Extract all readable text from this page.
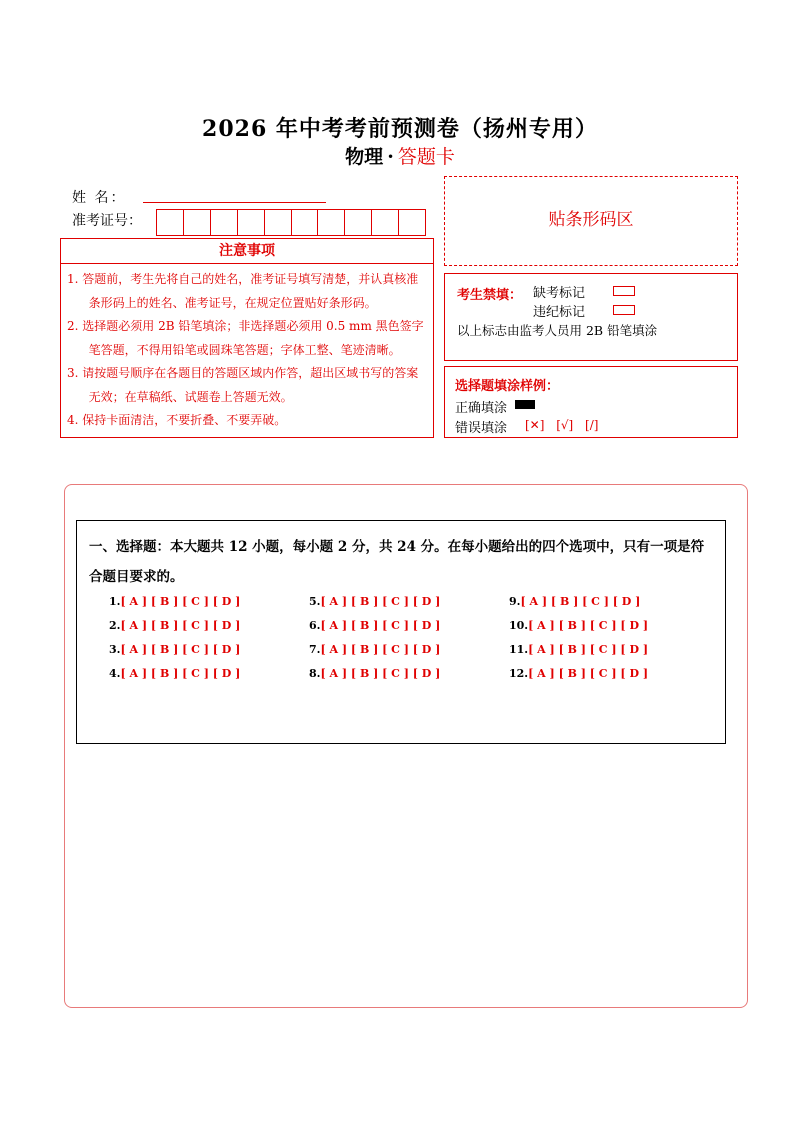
2026 年中考考前预测卷（扬州专用）
物理 · 答题卡
姓 名：
准考证号：
注意事项
1. 答题前，考生先将自己的姓名，准考证号填写清楚，并认真核准条形码上的姓名、准考证号，在规定位置贴好条形码。
2. 选择题必须用 2B 铅笔填涂；非选择题必须用 0.5 mm 黑色签字笔答题，不得用铅笔或圆珠笔答题；字体工整、笔迹清晰。
3. 请按题号顺序在各题目的答题区域内作答，超出区域书写的答案无效；在草稿纸、试题卷上答题无效。
4. 保持卡面清洁，不要折叠、不要弄破。
贴条形码区
考生禁填： 缺考标记
违纪标记
以上标志由监考人员用 2B 铅笔填涂
选择题填涂样例：
正确填涂
错误填涂 [✕] [√] [/]
一、选择题：本大题共 12 小题，每小题 2 分，共 24 分。在每小题给出的四个选项中，只有一项是符合题目要求的。
1.[ A ] [ B ] [ C ] [ D ]
2.[ A ] [ B ] [ C ] [ D ]
3.[ A ] [ B ] [ C ] [ D ]
4.[ A ] [ B ] [ C ] [ D ]
5.[ A ] [ B ] [ C ] [ D ]
6.[ A ] [ B ] [ C ] [ D ]
7.[ A ] [ B ] [ C ] [ D ]
8.[ A ] [ B ] [ C ] [ D ]
9.[ A ] [ B ] [ C ] [ D ]
10.[ A ] [ B ] [ C ] [ D ]
11.[ A ] [ B ] [ C ] [ D ]
12.[ A ] [ B ] [ C ] [ D ]
